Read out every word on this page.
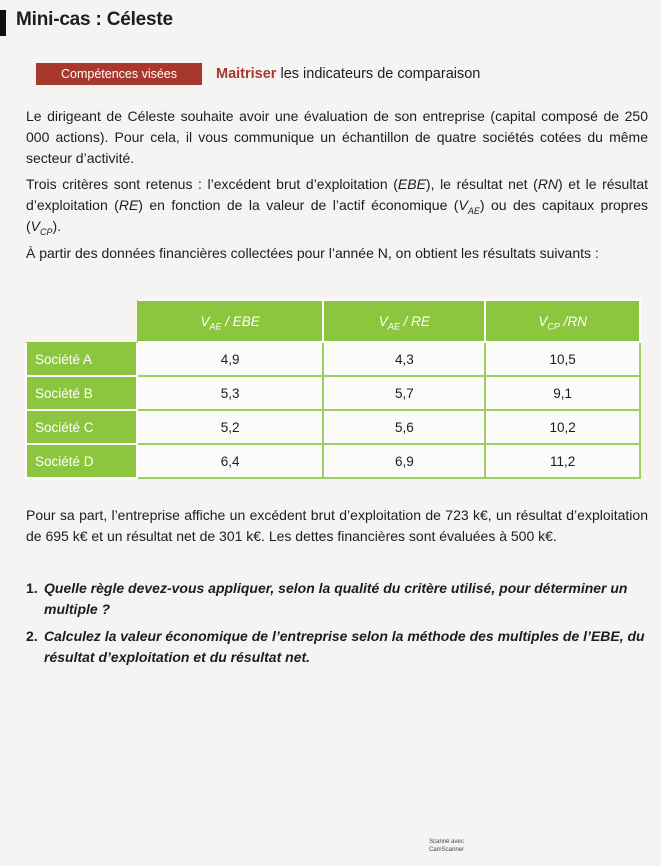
Mini-cas : Céleste
Compétences visées	Maitriser les indicateurs de comparaison

Le dirigeant de Céleste souhaite avoir une évaluation de son entreprise (capital composé de 250 000 actions). Pour cela, il vous communique un échantillon de quatre sociétés cotées du même secteur d’activité.

Trois critères sont retenus : l’excédent brut d’exploitation (EBE), le résultat net (RN) et le résultat d’exploitation (RE) en fonction de la valeur de l’actif économique $(V_{AE})$ ou des capitaux propres $(V_{CP})$.

À partir des données financières collectées pour l’année N, on obtient les résultats suivants :

	$V_{AE}$ / EBE	$V_{AE}$ / RE	$V_{CP}$ /RN
Société A	4,9	4,3	10,5
Société B	5,3	5,7	9,1
Société C	5,2	5,6	10,2
Société D	6,4	6,9	11,2

Pour sa part, l’entreprise affiche un excédent brut d’exploitation de 723 k€, un résultat d’exploitation de 695 k€ et un résultat net de 301 k€. Les dettes financières sont évaluées à 500 k€.

1. Quelle règle devez-vous appliquer, selon la qualité du critère utilisé, pour déterminer un multiple ?
2. Calculez la valeur économique de l’entreprise selon la méthode des multiples de l’EBE, du résultat d’exploitation et du résultat net.
Scanné avec
CamScanner
